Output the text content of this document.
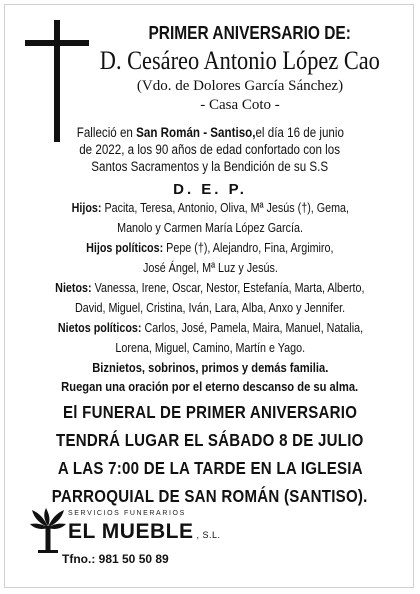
PRIMER ANIVERSARIO DE:
D. Cesáreo Antonio López Cao
(Vdo. de Dolores García Sánchez)
- Casa Coto -
Falleció en San Román - Santiso,el día 16 de junio
de 2022, a los 90 años de edad confortado con los
Santos Sacramentos y la Bendición de su S.S
D. E. P.
Hijos: Pacita, Teresa, Antonio, Oliva, Mª Jesús (†), Gema,
Manolo y Carmen María López García.
Hijos políticos: Pepe (†), Alejandro, Fina, Argimiro,
José Ángel, Mª Luz y Jesús.
Nietos: Vanessa, Irene, Oscar, Nestor, Estefanía, Marta, Alberto,
David, Miguel, Cristina, Iván, Lara, Alba, Anxo y Jennifer.
Nietos políticos: Carlos, José, Pamela, Maira, Manuel, Natalia,
Lorena, Miguel, Camino, Martín e Yago.
Biznietos, sobrinos, primos y demás familia.
Ruegan una oración por el eterno descanso de su alma.
El FUNERAL DE PRIMER ANIVERSARIO
TENDRÁ LUGAR EL SÁBADO 8 DE JULIO
A LAS 7:00 DE LA TARDE EN LA IGLESIA
PARROQUIAL DE SAN ROMÁN (SANTISO).
SERVICIOS FUNERARIOS
EL MUEBLE , S.L.
Tfno.: 981 50 50 89
